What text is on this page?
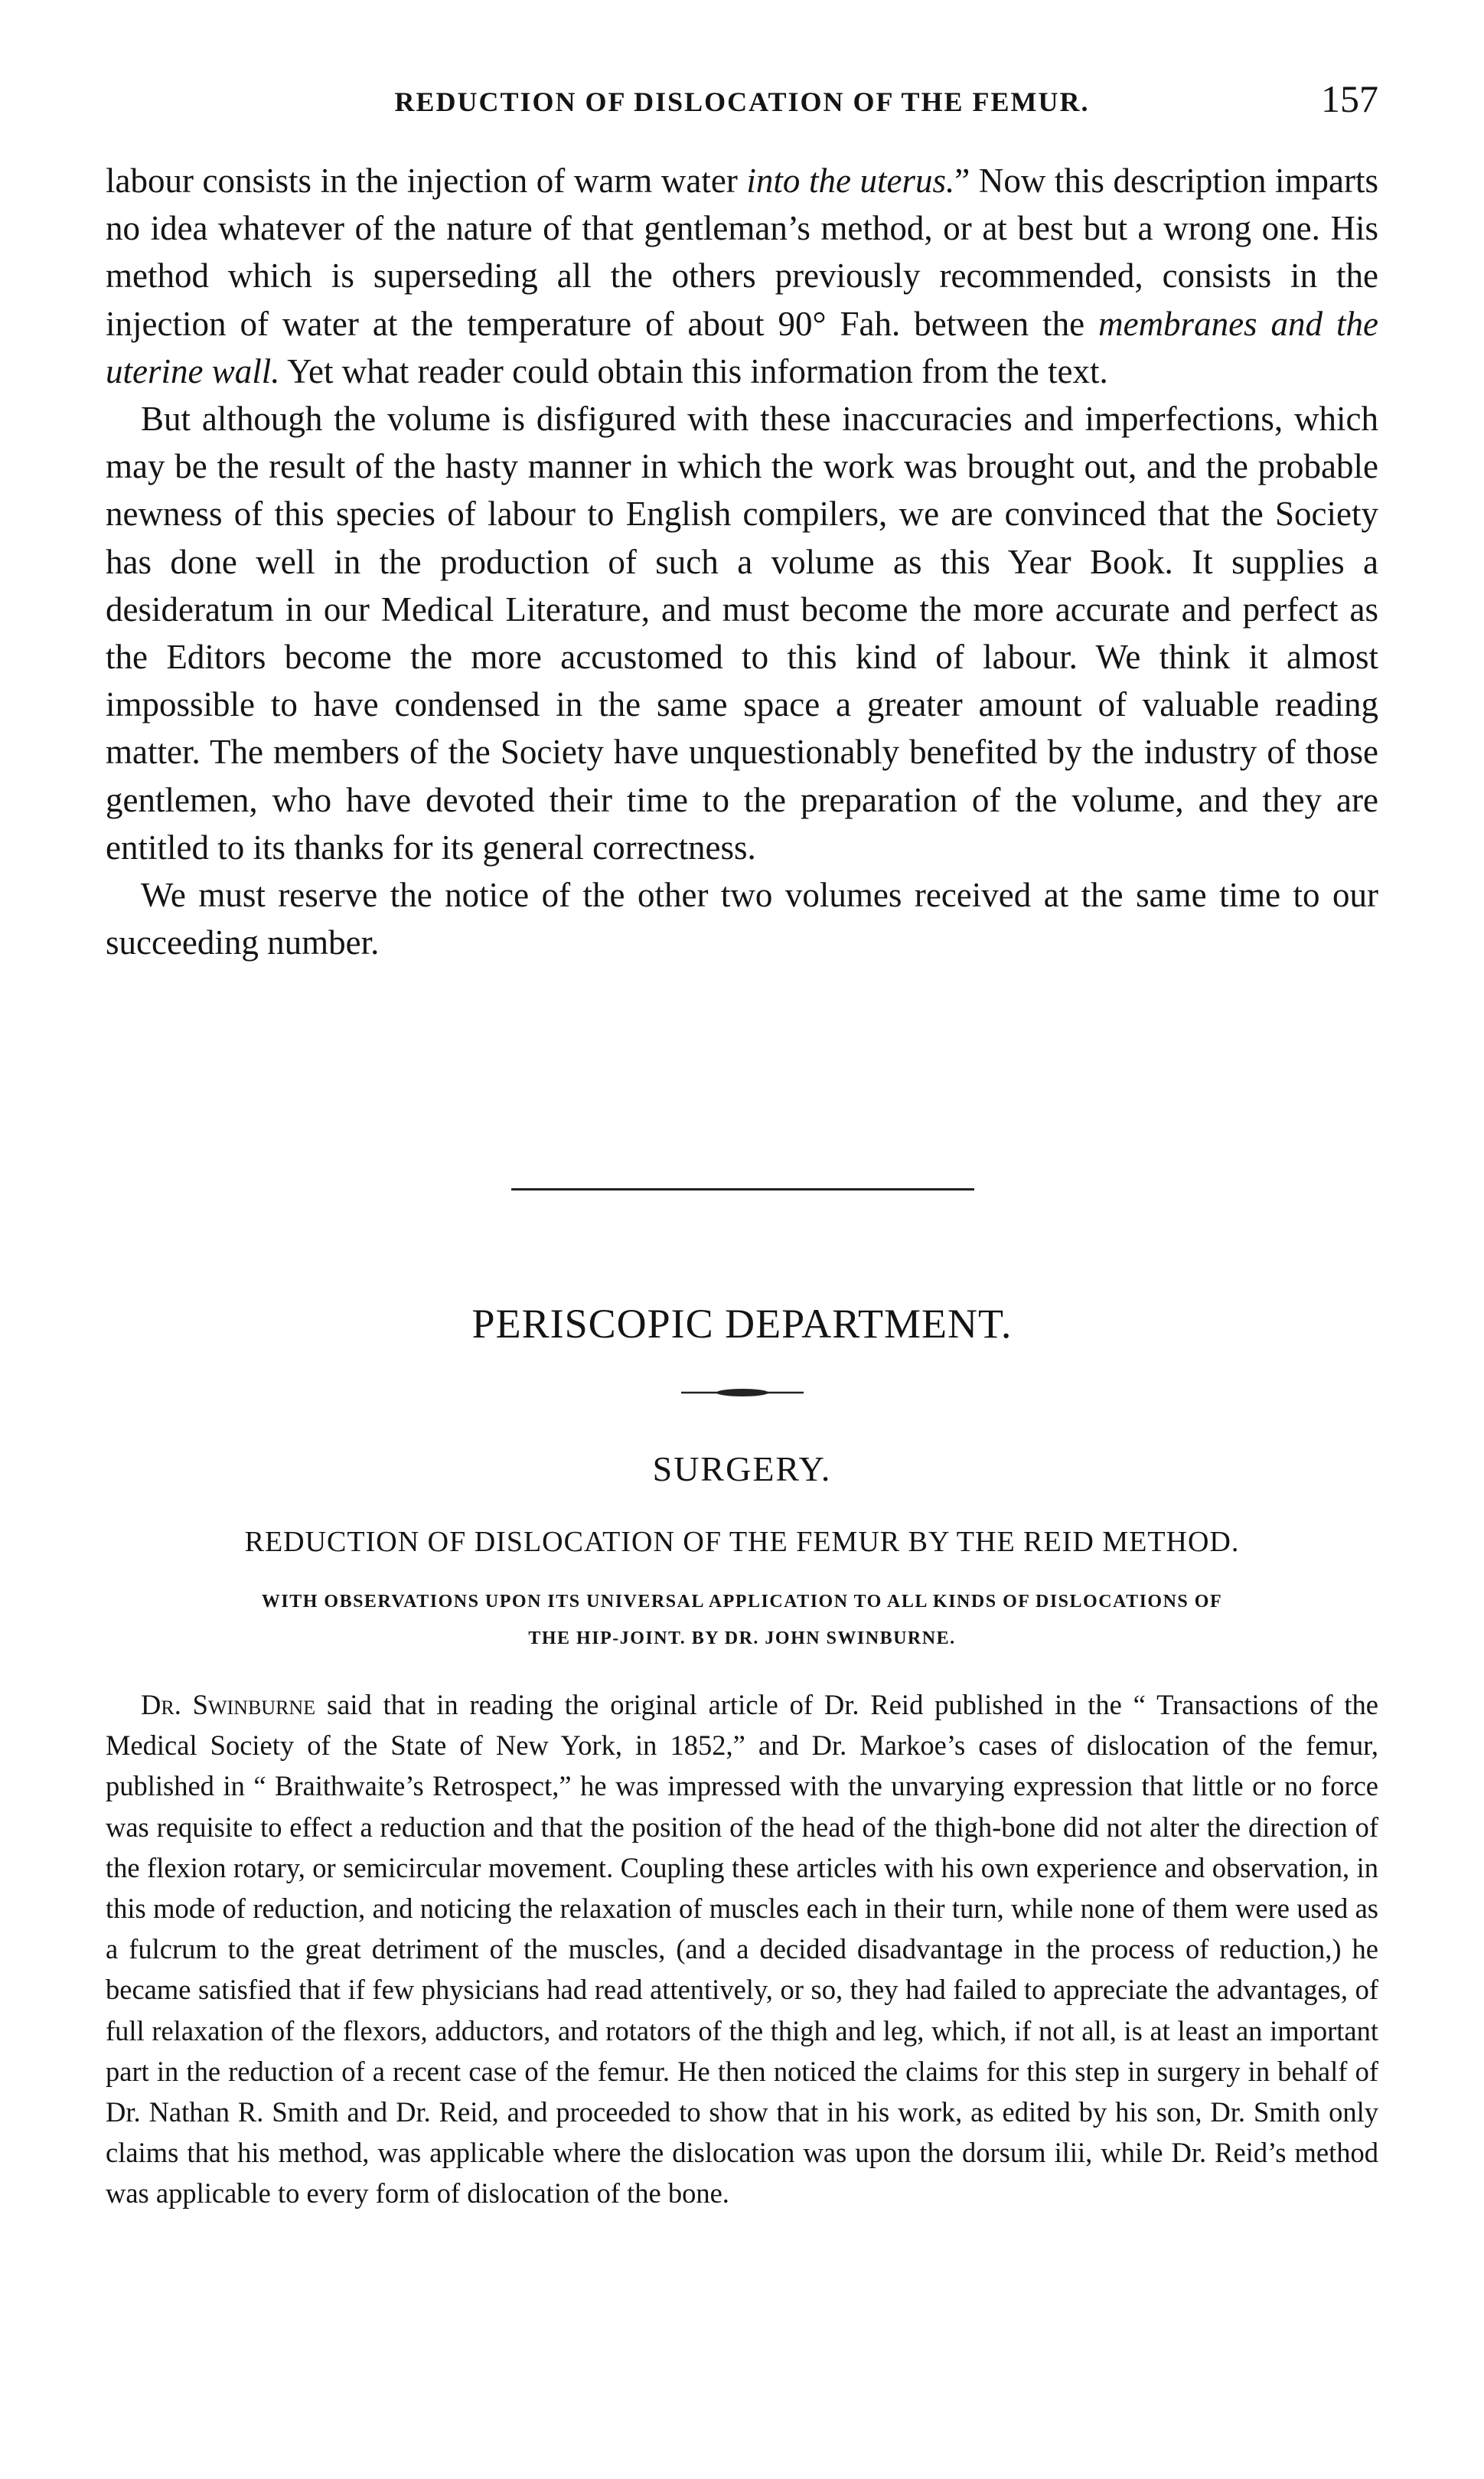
REDUCTION OF DISLOCATION OF THE FEMUR.	157

labour consists in the injection of warm water into the uterus.” Now this description imparts no idea whatever of the nature of that gentleman’s method, or at best but a wrong one. His method which is superseding all the others previously recommended, consists in the injection of water at the temperature of about 90° Fah. between the membranes and the uterine wall. Yet what reader could obtain this information from the text.

But although the volume is disfigured with these inaccuracies and imperfections, which may be the result of the hasty manner in which the work was brought out, and the probable newness of this species of labour to English compilers, we are convinced that the Society has done well in the production of such a volume as this Year Book. It supplies a desideratum in our Medical Literature, and must become the more accurate and perfect as the Editors become the more accustomed to this kind of labour. We think it almost impossible to have condensed in the same space a greater amount of valuable reading matter. The members of the Society have unquestionably benefited by the industry of those gentlemen, who have devoted their time to the preparation of the volume, and they are entitled to its thanks for its general correctness.

We must reserve the notice of the other two volumes received at the same time to our succeeding number.

PERISCOPIC DEPARTMENT.
SURGERY.
REDUCTION OF DISLOCATION OF THE FEMUR BY THE REID METHOD.
WITH OBSERVATIONS UPON ITS UNIVERSAL APPLICATION TO ALL KINDS OF DISLOCATIONS OF
THE HIP-JOINT. BY DR. JOHN SWINBURNE.

Dr. Swinburne said that in reading the original article of Dr. Reid published in the “ Transactions of the Medical Society of the State of New York, in 1852,” and Dr. Markoe’s cases of dislocation of the femur, published in “ Braithwaite’s Retrospect,” he was impressed with the unvarying expression that little or no force was requisite to effect a reduction and that the position of the head of the thigh-bone did not alter the direction of the flexion rotary, or semicircular movement. Coupling these articles with his own experience and observation, in this mode of reduction, and noticing the relaxation of muscles each in their turn, while none of them were used as a fulcrum to the great detriment of the muscles, (and a decided disadvantage in the process of reduction,) he became satisfied that if few physicians had read attentively, or so, they had failed to appreciate the advantages, of full relaxation of the flexors, adductors, and rotators of the thigh and leg, which, if not all, is at least an important part in the reduction of a recent case of the femur. He then noticed the claims for this step in surgery in behalf of Dr. Nathan R. Smith and Dr. Reid, and proceeded to show that in his work, as edited by his son, Dr. Smith only claims that his method, was applicable where the dislocation was upon the dorsum ilii, while Dr. Reid’s method was applicable to every form of dislocation of the bone.
